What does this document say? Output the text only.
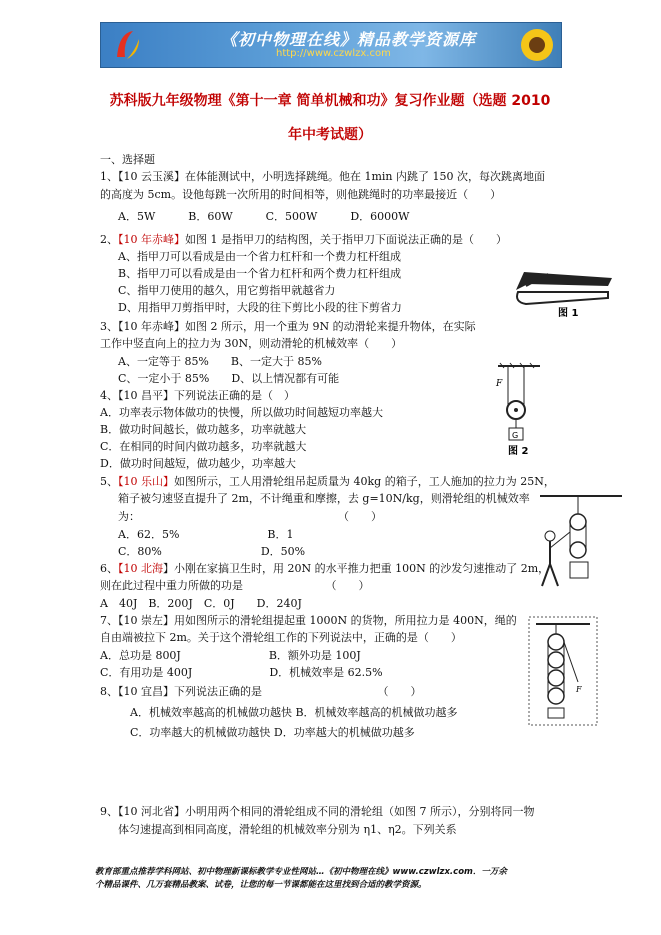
《初中物理在线》精品教学资源库
http://www.czwlzx.com
苏科版九年级物理《第十一章 简单机械和功》复习作业题（选题 2010
年中考试题）
一、选择题
1、【10 云玉溪】在体能测试中，小明选择跳绳。他在 1min 内跳了 150 次，每次跳离地面
的高度为 5cm。设他每跳一次所用的时间相等，则他跳绳时的功率最接近（　　）
A．5W　　　B．60W　　　C．500W　　　D．6000W
2、【10 年赤峰】如图 1 是指甲刀的结构图，关于指甲刀下面说法正确的是（　　）
A、指甲刀可以看成是由一个省力杠杆和一个费力杠杆组成
B、指甲刀可以看成是由一个省力杠杆和两个费力杠杆组成
C、指甲刀使用的越久，用它剪指甲就越省力
D、用指甲刀剪指甲时，大段的往下剪比小段的往下剪省力	图 1
3、【10 年赤峰】如图 2 所示，用一个重为 9N 的动滑轮来提升物体，在实际
工作中竖直向上的拉力为 30N，则动滑轮的机械效率（　　）
A、一定等于 85%　　B、一定大于 85%
C、一定小于 85%　　D、以上情况都有可能
G
F
图 2
4、【10 昌平】下列说法正确的是（　）
A．功率表示物体做功的快慢，所以做功时间越短功率越大
B．做功时间越长，做功越多，功率就越大
C．在相同的时间内做功越多，功率就越大
D．做功时间越短，做功越少，功率越大
5、【10 乐山】如图所示，工人用滑轮组吊起质量为 40kg 的箱子，工人施加的拉力为 25N，
箱子被匀速竖直提升了 2m，不计绳重和摩擦，去 g=10N/kg，则滑轮组的机械效率
为：　　　　　　　　　　　　　　　　　　　（　　）
A．62．5%　　　　　　　　B．1
C．80%　　　　　　　　　D．50%
6、【10 北海】小刚在家搞卫生时，用 20N 的水平推力把重 100N 的沙发匀速推动了 2m，
则在此过程中重力所做的功是　　　　　　　　（　　）
A　40J　B．200J　C．0J　　D．240J
7、【10 崇左】用如图所示的滑轮组提起重 1000N 的货物，所用拉力是 400N，绳的
自由端被拉下 2m。关于这个滑轮组工作的下列说法中，正确的是（　　）
A．总功是 800J　　　　　　　　B．额外功是 100J
C．有用功是 400J　　　　　　　D．机械效率是 62.5%
F
8、【10 宜昌】下列说法正确的是　　　　　　　　　　　（　　）
A．机械效率越高的机械做功越快 B．机械效率越高的机械做功越多
C．功率越大的机械做功越快 D．功率越大的机械做功越多
9、【10 河北省】小明用两个相同的滑轮组成不同的滑轮组（如图 7 所示），分别将同一物
体匀速提高到相同高度，滑轮组的机械效率分别为 η1、η2。下列关系
教育部重点推荐学科网站、初中物理新课标教学专业性网站…《初中物理在线》www.czwlzx.com．一万余
个精品课件、几万套精品教案、试卷，让您的每一节课都能在这里找到合适的教学资源。
